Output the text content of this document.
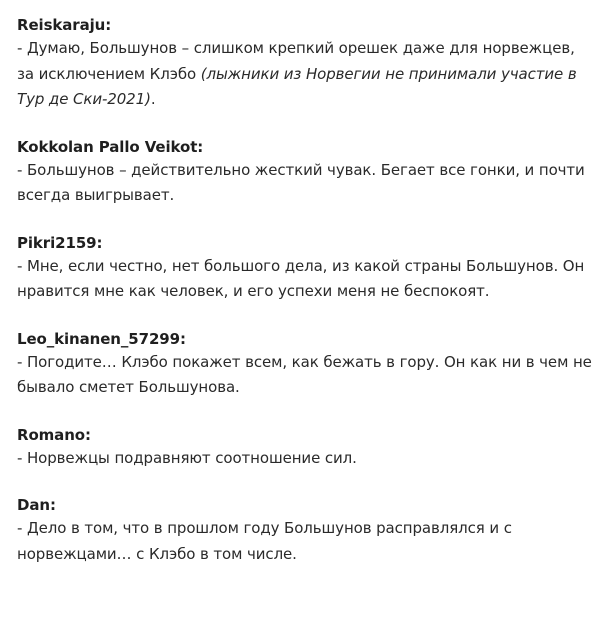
Reiskaraju:
- Думаю, Большунов – слишком крепкий орешек даже для норвежцев, за исключением Клэбо (лыжники из Норвегии не принимали участие в Тур де Ски-2021).
Kokkolan Pallo Veikot:
- Большунов – действительно жесткий чувак. Бегает все гонки, и почти всегда выигрывает.
Pikri2159:
- Мне, если честно, нет большого дела, из какой страны Большунов. Он нравится мне как человек, и его успехи меня не беспокоят.
Leo_kinanen_57299:
- Погодите… Клэбо покажет всем, как бежать в гору. Он как ни в чем не бывало сметет Большунова.
Romano:
- Норвежцы подравняют соотношение сил.
Dan:
- Дело в том, что в прошлом году Большунов расправлялся и с норвежцами… с Клэбо в том числе.
